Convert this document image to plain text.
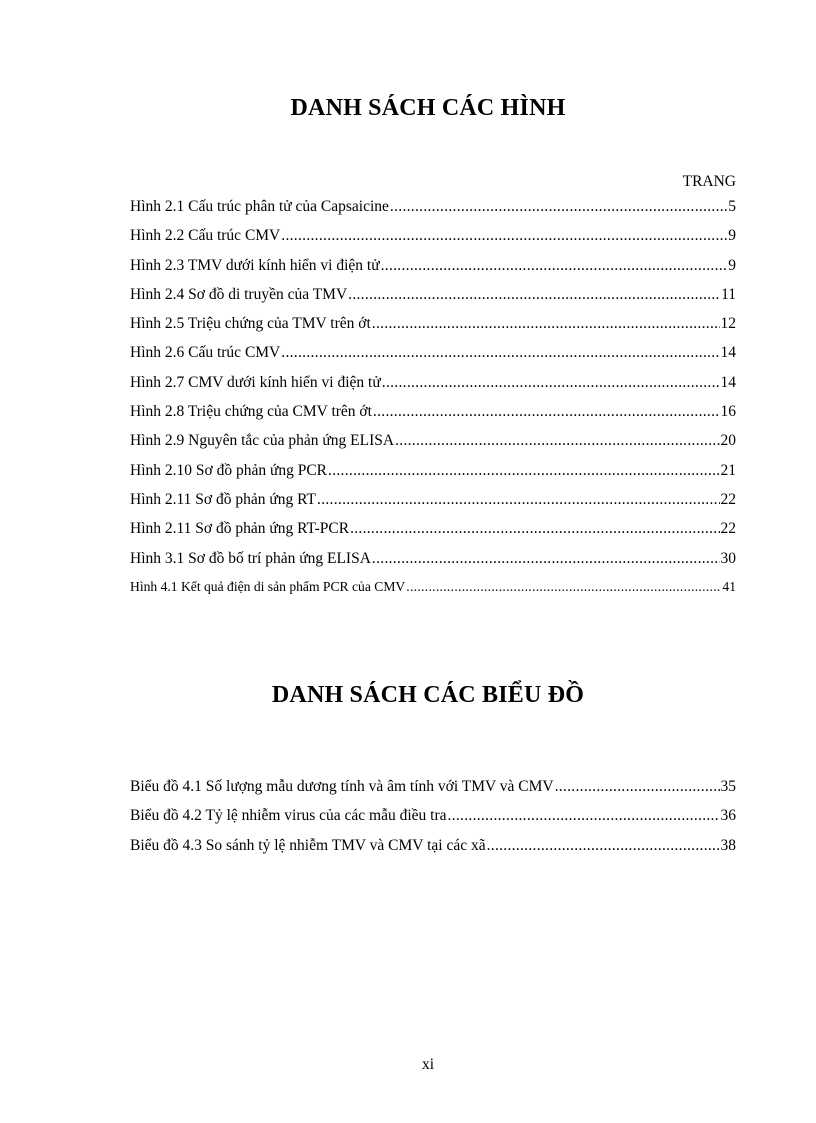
DANH SÁCH CÁC HÌNH
TRANG
Hình 2.1 Cấu trúc phân tử của Capsaicine .....	5
Hình 2.2 Cấu trúc CMV .....	9
Hình 2.3 TMV dưới kính hiển vi điện tử .....	9
Hình 2.4 Sơ đồ di truyền của TMV .....	11
Hình 2.5 Triệu chứng của TMV trên ớt .....	12
Hình 2.6 Cấu trúc CMV .....	14
Hình 2.7 CMV dưới kính hiển vi điện tử .....	14
Hình 2.8 Triệu chứng của CMV trên ớt .....	16
Hình 2.9 Nguyên tắc của phản ứng ELISA .....	20
Hình 2.10 Sơ đồ phản ứng PCR .....	21
Hình 2.11 Sơ đồ phản ứng RT .....	22
Hình 2.11 Sơ đồ phản ứng RT-PCR .....	22
Hình 3.1 Sơ đồ bố trí phản ứng ELISA .....	30
Hình 4.1 Kết quả điện di sản phẩm PCR của CMV .....	41
DANH SÁCH CÁC BIỂU ĐỒ
Biểu đồ 4.1 Số lượng mẫu dương tính và âm tính với TMV và CMV .....	35
Biểu đồ 4.2 Tỷ lệ nhiễm virus của các mẫu điều tra .....	36
Biểu đồ 4.3 So sánh tỷ lệ nhiễm TMV và CMV tại các xã .....	38
xi
